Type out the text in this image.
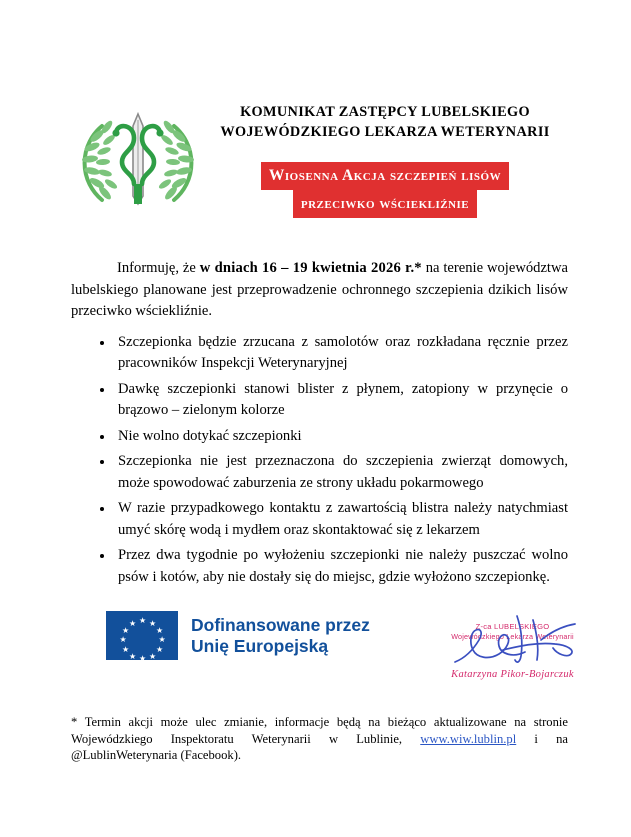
KOMUNIKAT ZASTĘPCY LUBELSKIEGO
WOJEWÓDZKIEGO LEKARZA WETERYNARII
Wiosenna Akcja szczepień lisów
przeciwko wściekliźnie

Informuję, że w dniach 16 – 19 kwietnia 2026 r.* na terenie województwa lubelskiego planowane jest przeprowadzenie ochronnego szczepienia dzikich lisów przeciwko wściekliźnie.

Szczepionka będzie zrzucana z samolotów oraz rozkładana ręcznie przez pracowników Inspekcji Weterynaryjnej
Dawkę szczepionki stanowi blister z płynem, zatopiony w przynęcie o brązowo – zielonym kolorze
Nie wolno dotykać szczepionki
Szczepionka nie jest przeznaczona do szczepienia zwierząt domowych, może spowodować zaburzenia ze strony układu pokarmowego
W razie przypadkowego kontaktu z zawartością blistra należy natychmiast umyć skórę wodą i mydłem oraz skontaktować się z lekarzem
Przez dwa tygodnie po wyłożeniu szczepionki nie należy puszczać wolno psów i kotów, aby nie dostały się do miejsc, gdzie wyłożono szczepionkę.
★ ★
★
★
★
★
★
★
★
★
★
★	Dofinansowane przez
Unię Europejską
Z-ca LUBELSKIEGO
Wojewódzkiego Lekarza Weterynarii
Katarzyna Pikor-Bojarczuk
* Termin akcji może ulec zmianie, informacje będą na bieżąco aktualizowane na stronie Wojewódzkiego Inspektoratu Weterynarii w Lublinie, www.wiw.lublin.pl i na @LublinWeterynaria (Facebook).
